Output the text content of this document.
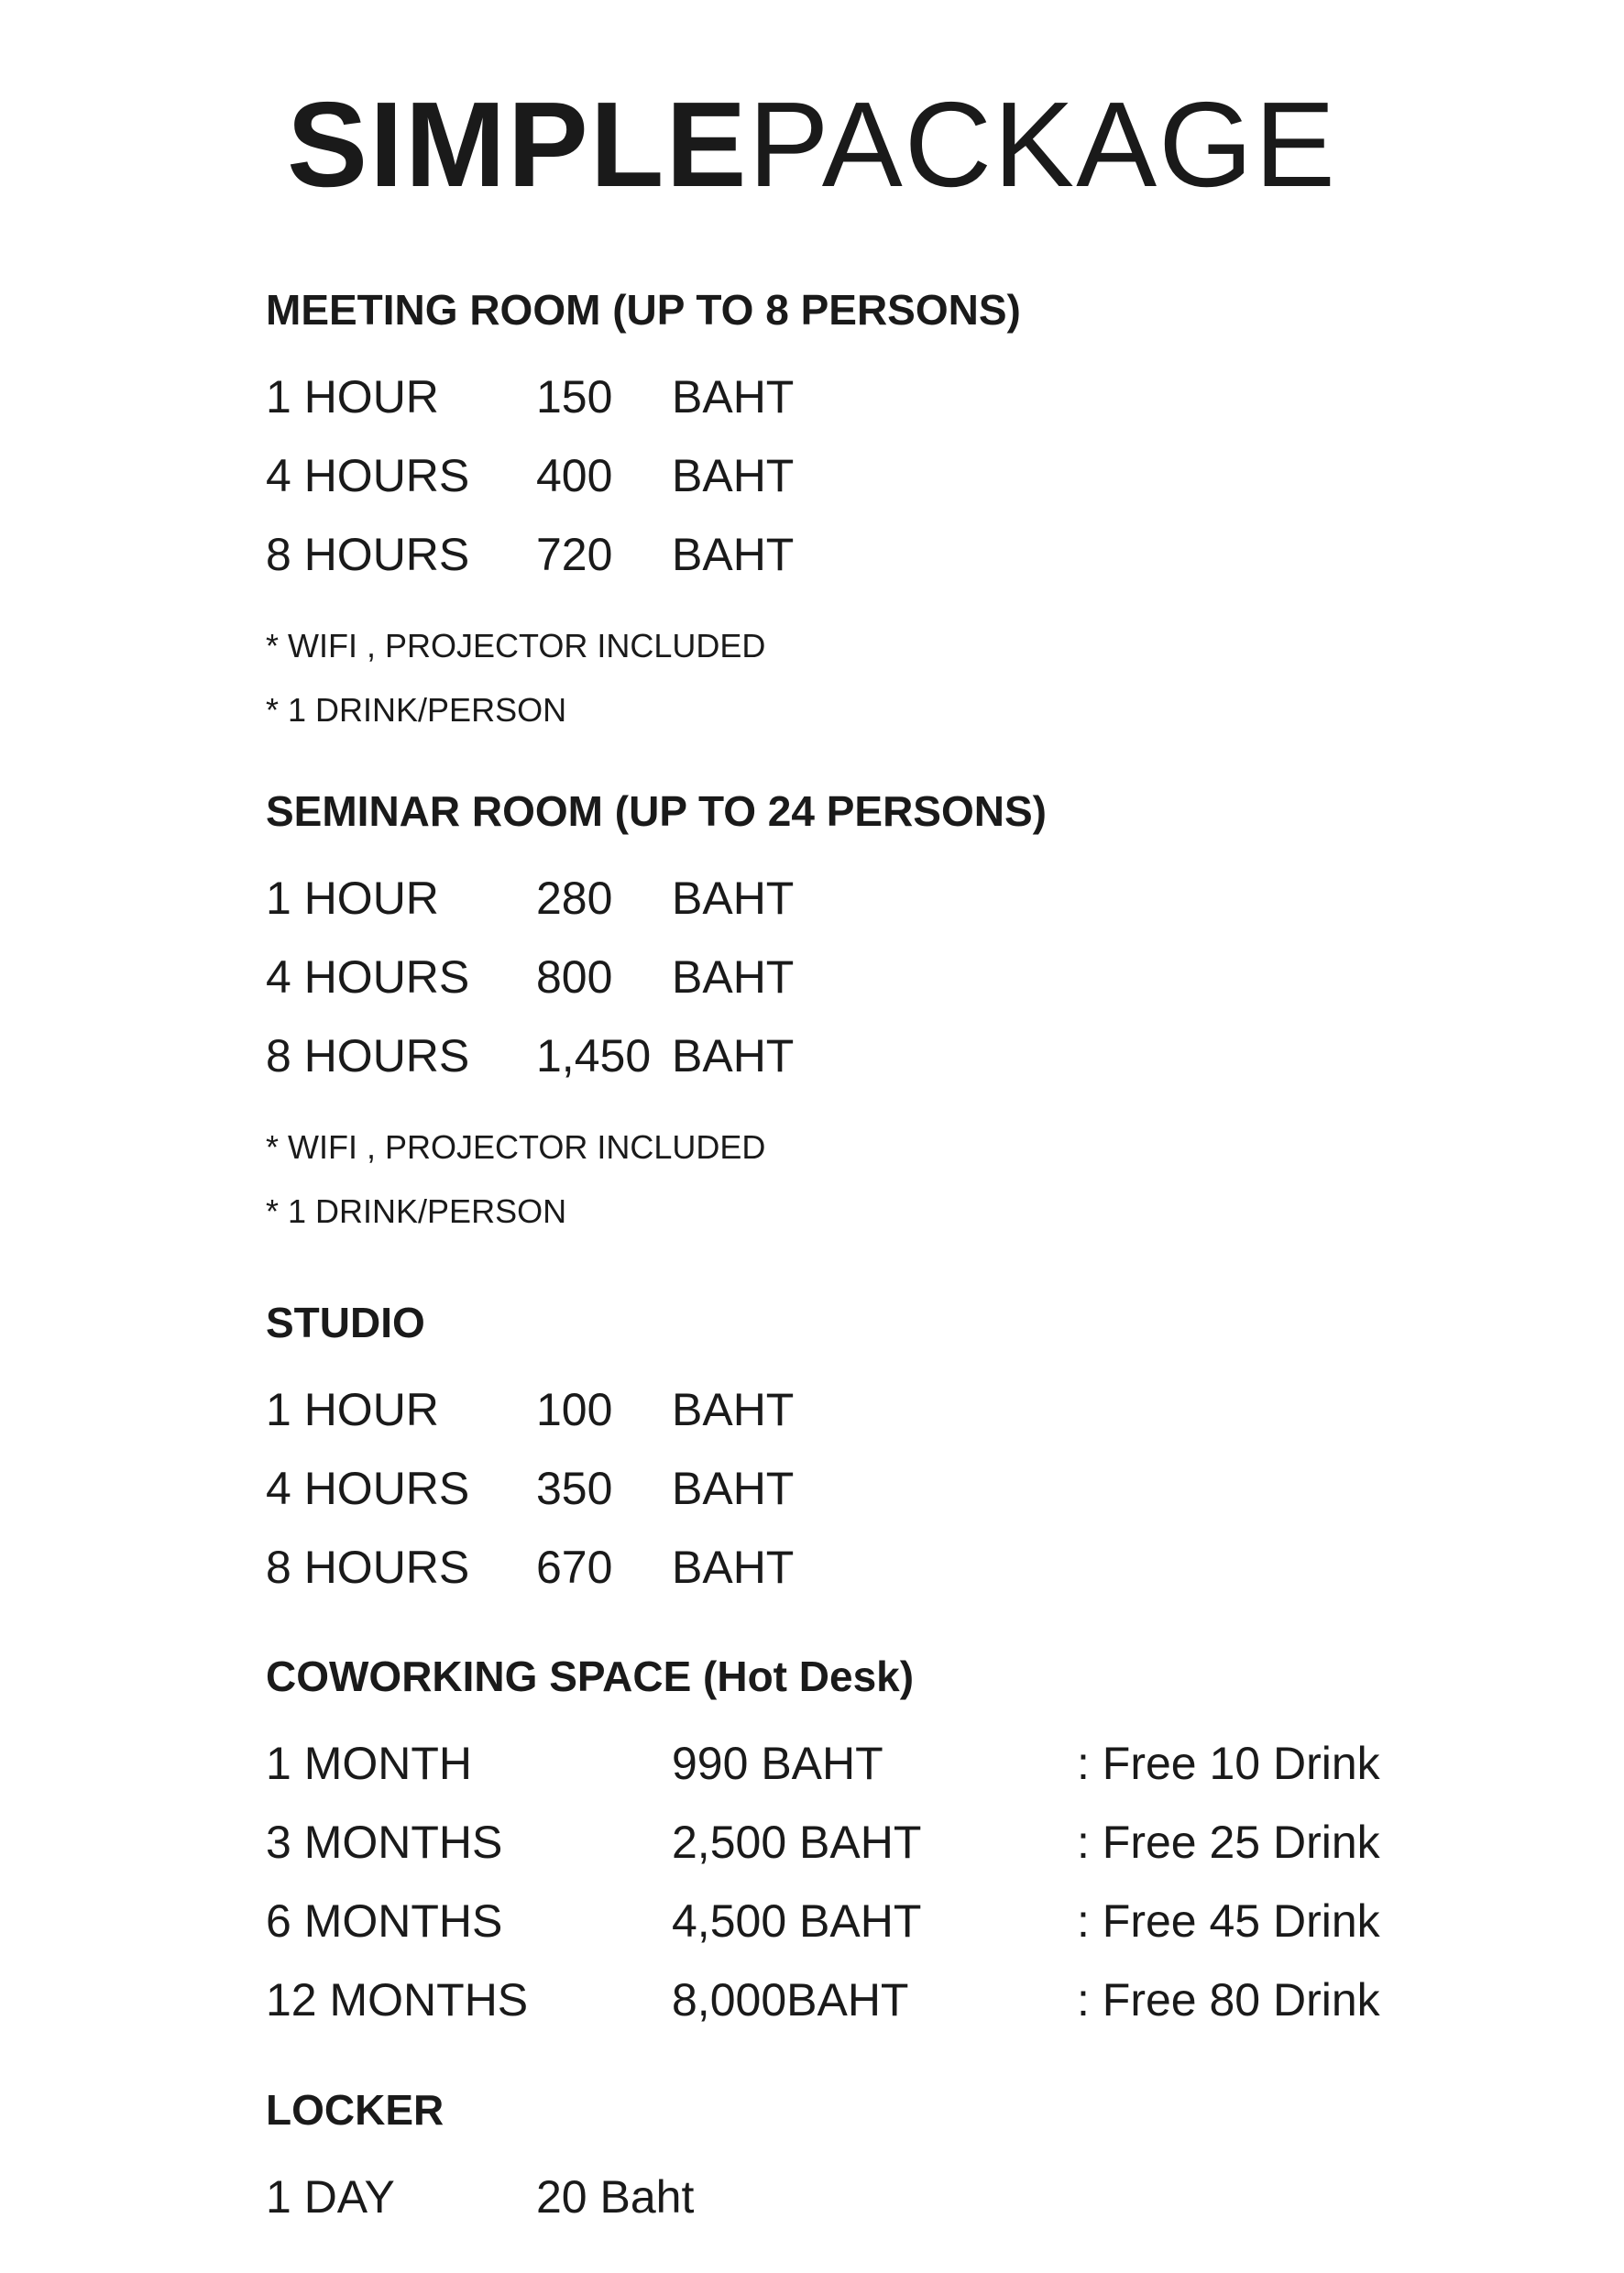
SIMPLEPACKAGE
MEETING ROOM (UP TO 8 PERSONS)
1 HOUR 150 BAHT
4 HOURS 400 BAHT
8 HOURS 720 BAHT
* WIFI , PROJECTOR INCLUDED
* 1 DRINK/PERSON
SEMINAR ROOM (UP TO 24 PERSONS)
1 HOUR 280 BAHT
4 HOURS 800 BAHT
8 HOURS 1,450 BAHT
* WIFI , PROJECTOR INCLUDED
* 1 DRINK/PERSON
STUDIO
1 HOUR 100 BAHT
4 HOURS 350 BAHT
8 HOURS 670 BAHT
COWORKING SPACE (Hot Desk)
1 MONTH	990 BAHT	: Free 10 Drink
3 MONTHS	2,500 BAHT	: Free 25 Drink
6 MONTHS	4,500 BAHT	: Free 45 Drink
12 MONTHS	8,000BAHT	: Free 80 Drink
LOCKER
1 DAY	20 Baht
